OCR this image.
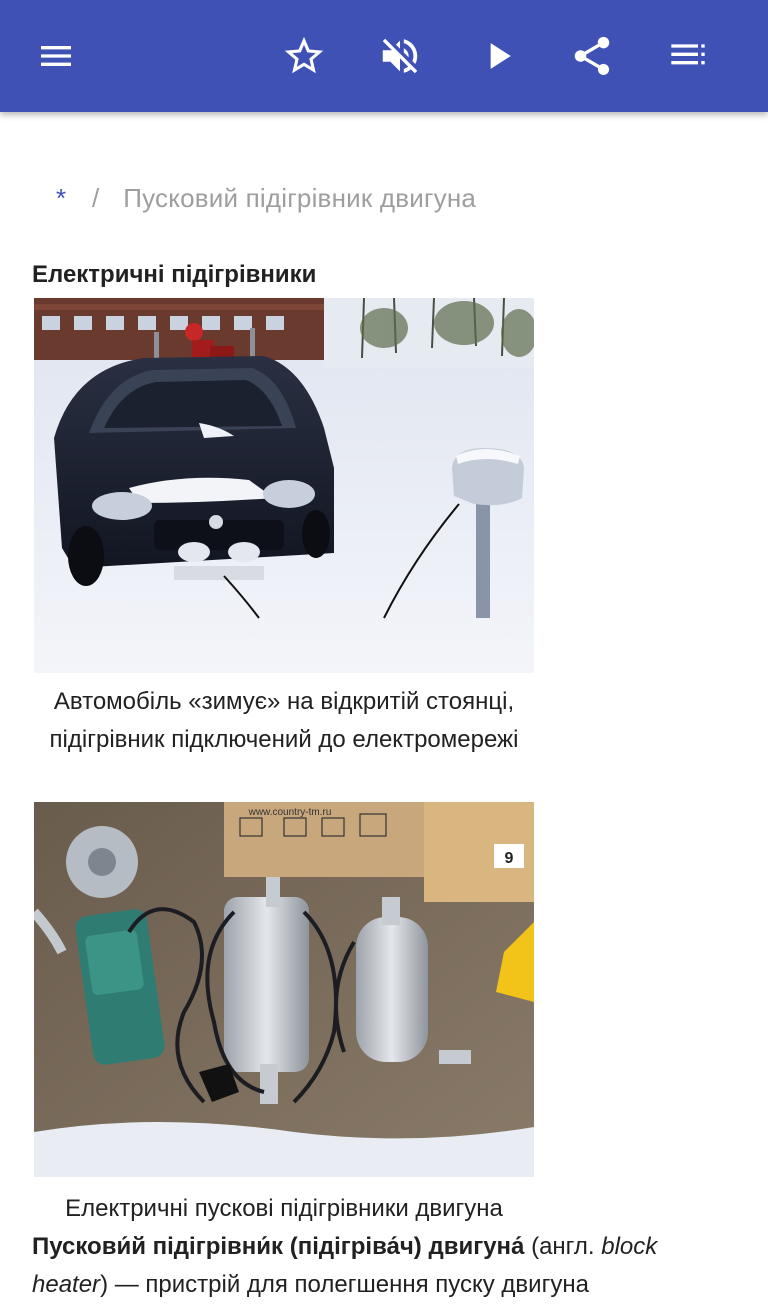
* / Пусковий підігрівник двигуна
Електричні підігрівники
Автомобіль «зимує» на відкритій стоянці, підігрівник підключений до електромережі
9
www.country-tm.ru
Електричні пускові підігрівники двигуна
Пускови́й підігрівни́к (підігріва́ч) двигуна́ (англ. block heater) — пристрій для полегшення пуску двигуна
